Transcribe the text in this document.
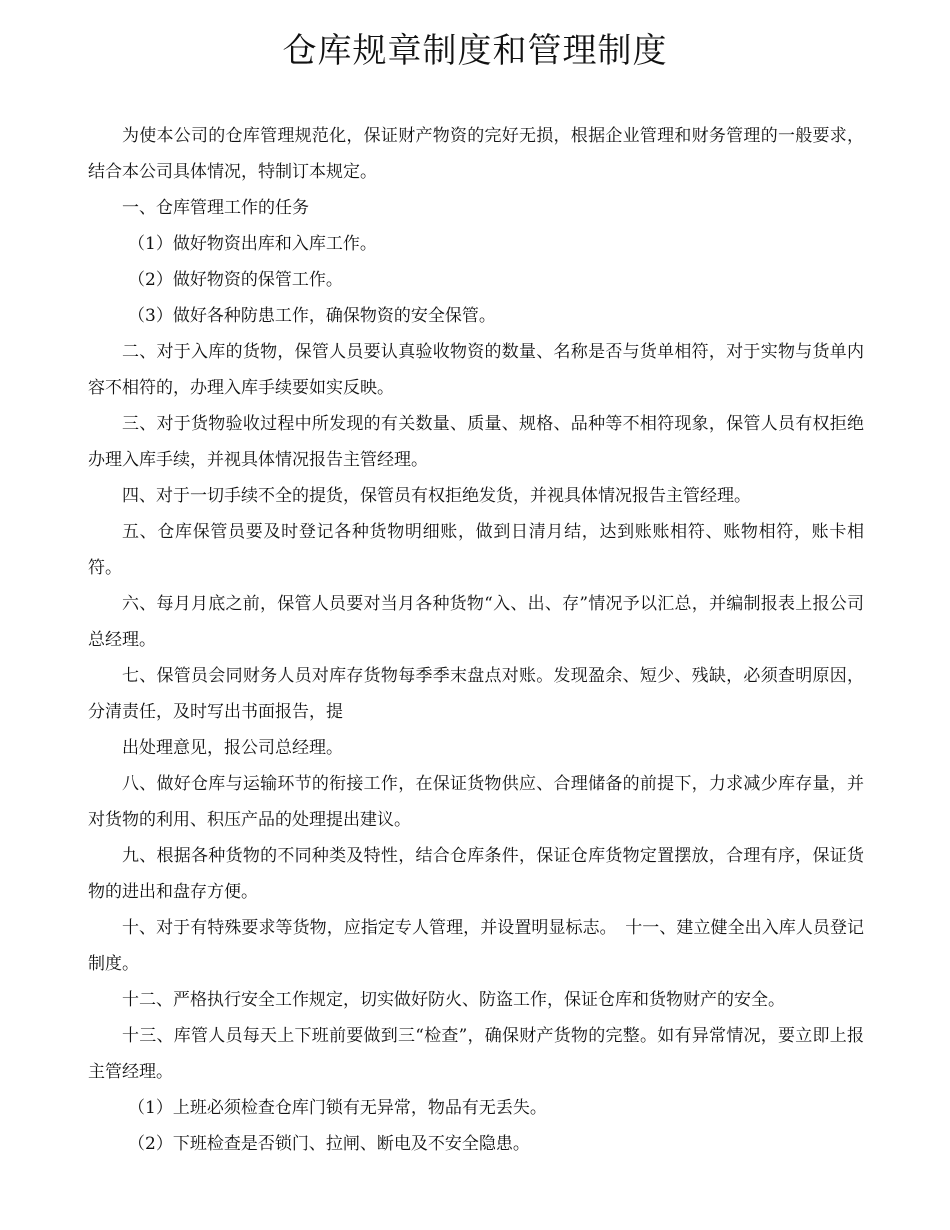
仓库规章制度和管理制度

为使本公司的仓库管理规范化，保证财产物资的完好无损，根据企业管理和财务管理的一般要求，结合本公司具体情况，特制订本规定。

一、仓库管理工作的任务

（1）做好物资出库和入库工作。

（2）做好物资的保管工作。

（3）做好各种防患工作，确保物资的安全保管。

二、对于入库的货物，保管人员要认真验收物资的数量、名称是否与货单相符，对于实物与货单内容不相符的，办理入库手续要如实反映。

三、对于货物验收过程中所发现的有关数量、质量、规格、品种等不相符现象，保管人员有权拒绝办理入库手续，并视具体情况报告主管经理。

四、对于一切手续不全的提货，保管员有权拒绝发货，并视具体情况报告主管经理。

五、仓库保管员要及时登记各种货物明细账，做到日清月结，达到账账相符、账物相符，账卡相符。

六、每月月底之前，保管人员要对当月各种货物“入、出、存”情况予以汇总，并编制报表上报公司总经理。

七、保管员会同财务人员对库存货物每季季末盘点对账。发现盈余、短少、残缺，必须查明原因，分清责任，及时写出书面报告，提

出处理意见，报公司总经理。

八、做好仓库与运输环节的衔接工作，在保证货物供应、合理储备的前提下，力求减少库存量，并对货物的利用、积压产品的处理提出建议。

九、根据各种货物的不同种类及特性，结合仓库条件，保证仓库货物定置摆放，合理有序，保证货物的进出和盘存方便。

十、对于有特殊要求等货物，应指定专人管理，并设置明显标志。　十一、建立健全出入库人员登记制度。

十二、严格执行安全工作规定，切实做好防火、防盗工作，保证仓库和货物财产的安全。

十三、库管人员每天上下班前要做到三“检查”，确保财产货物的完整。如有异常情况，要立即上报主管经理。

（1）上班必须检查仓库门锁有无异常，物品有无丢失。

（2）下班检查是否锁门、拉闸、断电及不安全隐患。
